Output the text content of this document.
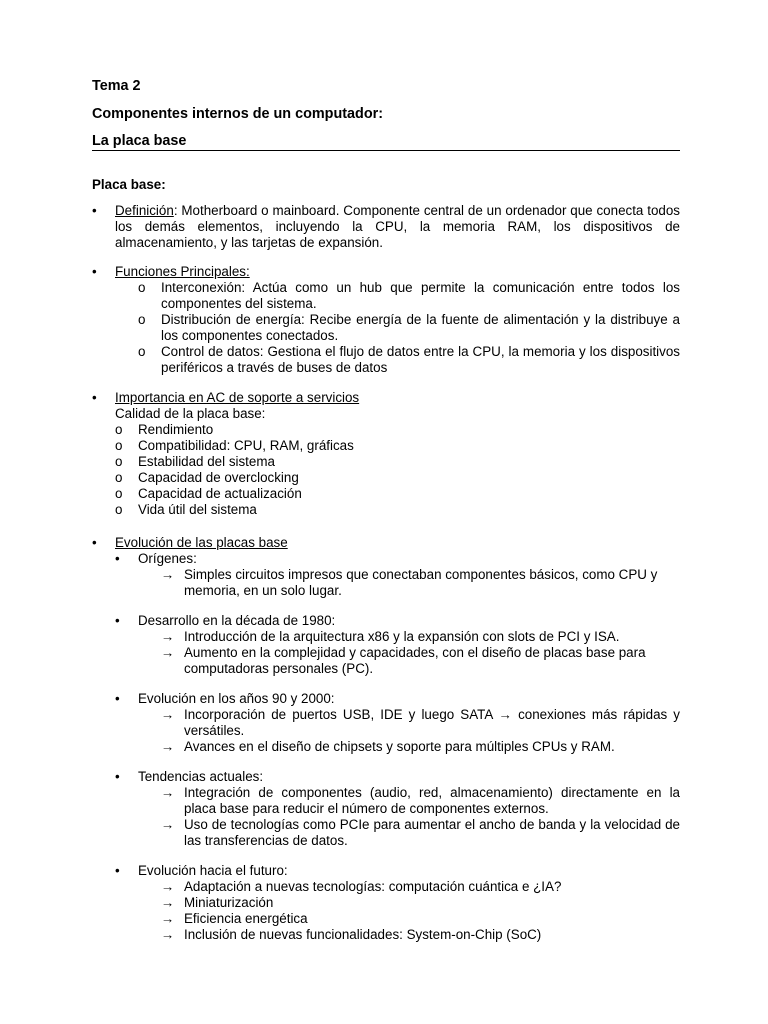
Tema 2
Componentes internos de un computador:
La placa base
Placa base:
•	Definición: Motherboard o mainboard. Componente central de un ordenador que conecta todos los demás elementos, incluyendo la CPU, la memoria RAM, los dispositivos de almacenamiento, y las tarjetas de expansión.
•	Funciones Principales:
o	Interconexión: Actúa como un hub que permite la comunicación entre todos los componentes del sistema.
o	Distribución de energía: Recibe energía de la fuente de alimentación y la distribuye a los componentes conectados.
o	Control de datos: Gestiona el flujo de datos entre la CPU, la memoria y los dispositivos periféricos a través de buses de datos
•	Importancia en AC de soporte a servicios
Calidad de la placa base:
o	Rendimiento
o	Compatibilidad: CPU, RAM, gráficas
o	Estabilidad del sistema
o	Capacidad de overclocking
o	Capacidad de actualización
o	Vida útil del sistema
•	Evolución de las placas base
•	Orígenes:
→ Simples circuitos impresos que conectaban componentes básicos, como CPU y memoria, en un solo lugar.
•	Desarrollo en la década de 1980:
→ Introducción de la arquitectura x86 y la expansión con slots de PCI y ISA.
→ Aumento en la complejidad y capacidades, con el diseño de placas base para computadoras personales (PC).
•	Evolución en los años 90 y 2000:
→ Incorporación de puertos USB, IDE y luego SATA → conexiones más rápidas y versátiles.
→ Avances en el diseño de chipsets y soporte para múltiples CPUs y RAM.
•	Tendencias actuales:
→ Integración de componentes (audio, red, almacenamiento) directamente en la placa base para reducir el número de componentes externos.
→ Uso de tecnologías como PCIe para aumentar el ancho de banda y la velocidad de las transferencias de datos.
•	Evolución hacia el futuro:
→ Adaptación a nuevas tecnologías: computación cuántica e ¿IA?
→ Miniaturización
→ Eficiencia energética
→ Inclusión de nuevas funcionalidades: System-on-Chip (SoC)
